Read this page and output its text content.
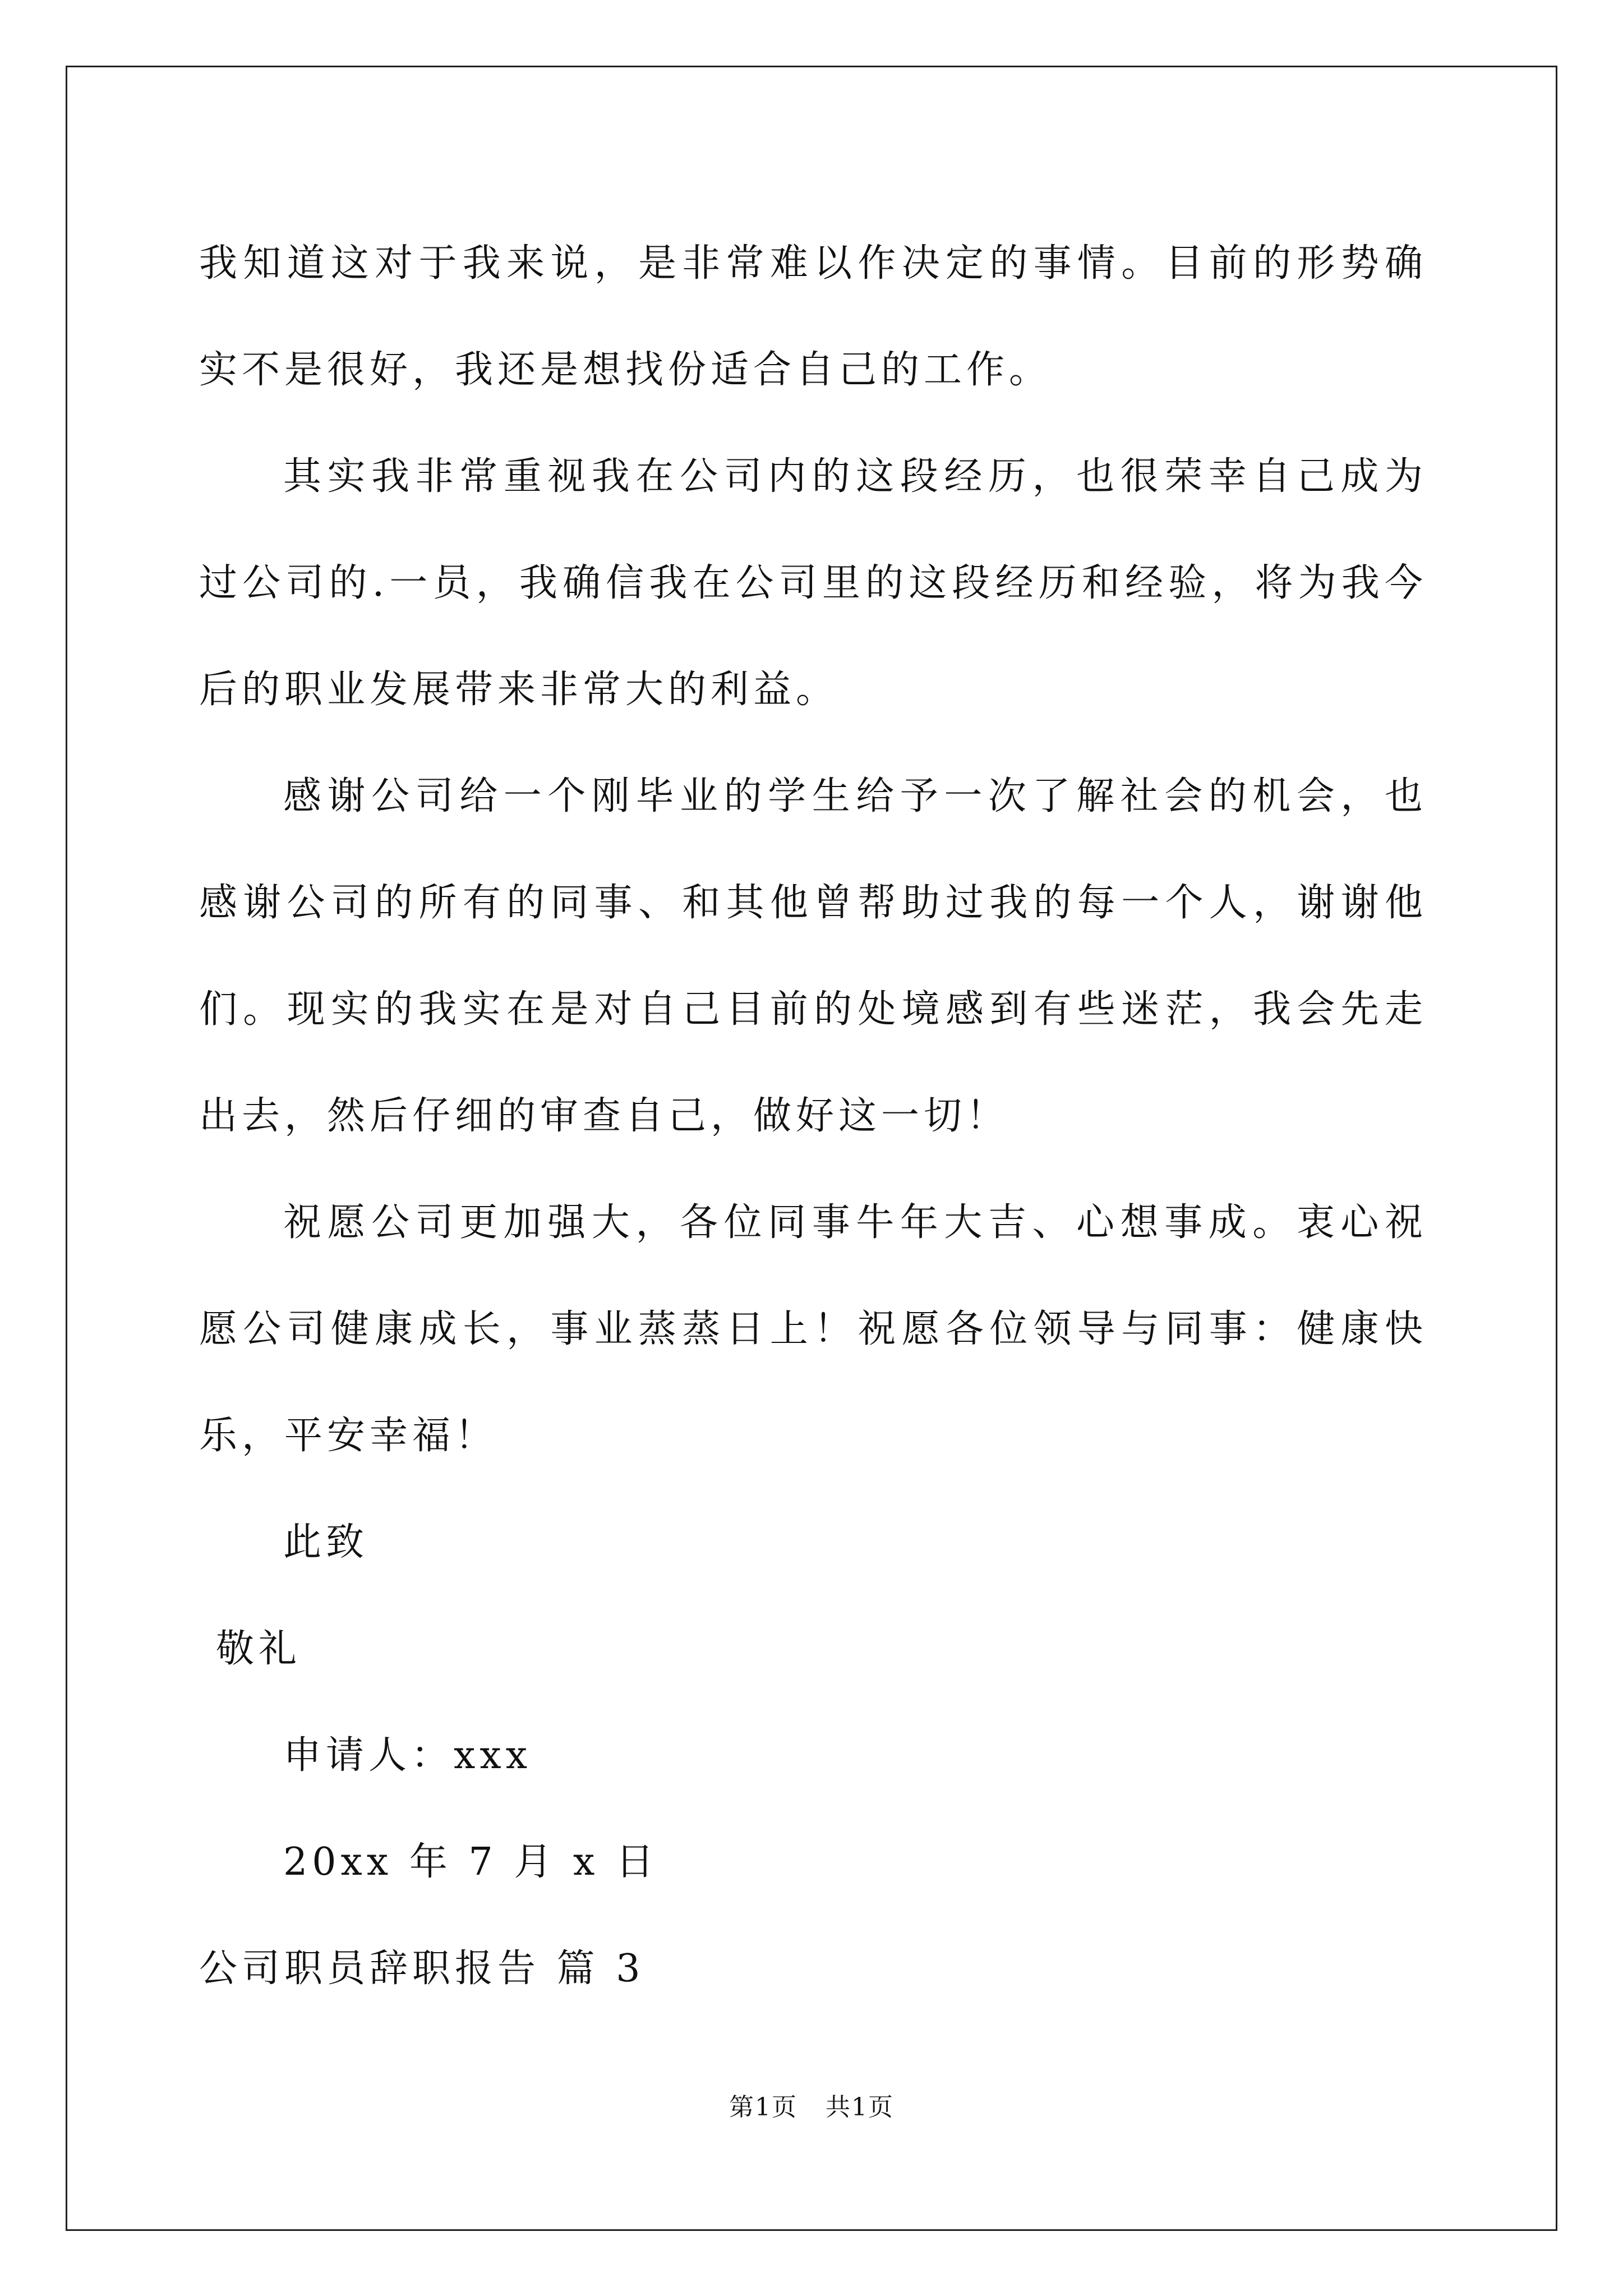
我知道这对于我来说，是非常难以作决定的事情。目前的形势确实不是很好，我还是想找份适合自己的工作。

其实我非常重视我在公司内的这段经历，也很荣幸自己成为过公司的.一员，我确信我在公司里的这段经历和经验，将为我今后的职业发展带来非常大的利益。

感谢公司给一个刚毕业的学生给予一次了解社会的机会，也感谢公司的所有的同事、和其他曾帮助过我的每一个人，谢谢他们。现实的我实在是对自己目前的处境感到有些迷茫，我会先走出去，然后仔细的审查自己，做好这一切！

祝愿公司更加强大，各位同事牛年大吉、心想事成。衷心祝愿公司健康成长，事业蒸蒸日上！祝愿各位领导与同事：健康快乐，平安幸福！

此致

敬礼

申请人：xxx

20xx 年 7 月 x 日

公司职员辞职报告 篇 3

第1页 共1页
